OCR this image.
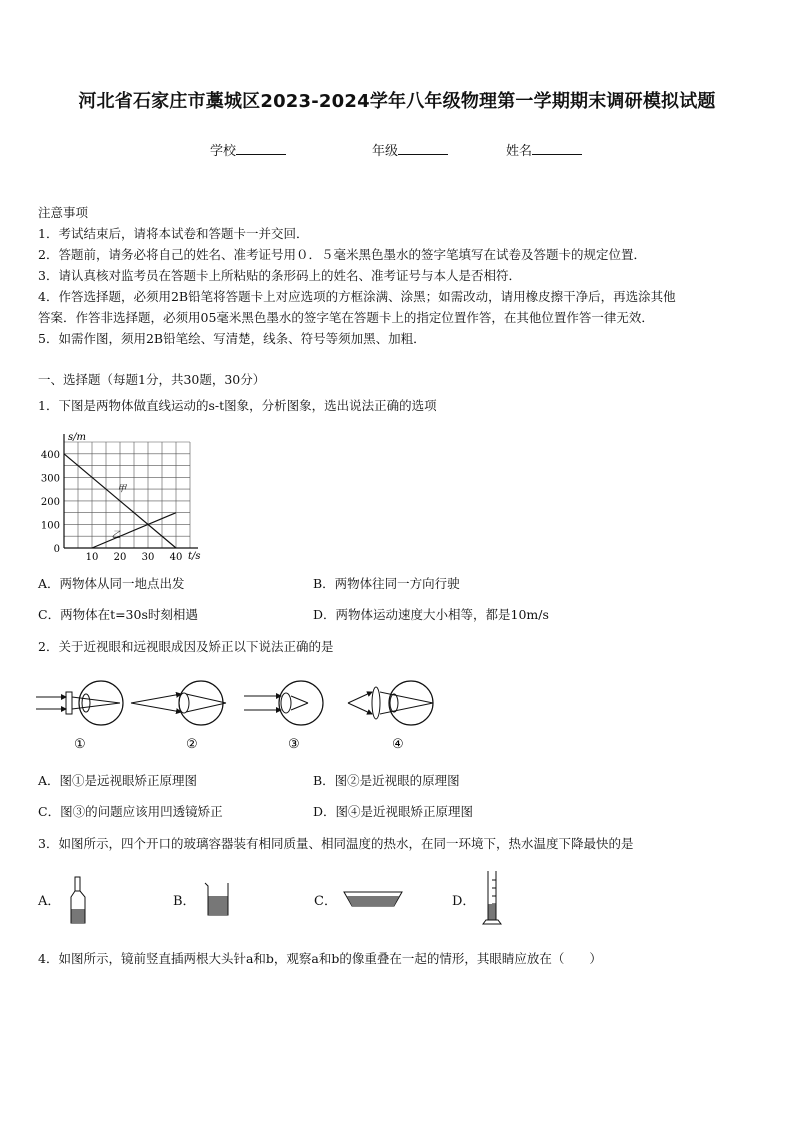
河北省石家庄市藁城区2023-2024学年八年级物理第一学期期末调研模拟试题
学校	年级	姓名
注意事项
1．考试结束后，请将本试卷和答题卡一并交回．
2．答题前，请务必将自己的姓名、准考证号用０．５毫米黑色墨水的签字笔填写在试卷及答题卡的规定位置．
3．请认真核对监考员在答题卡上所粘贴的条形码上的姓名、准考证号与本人是否相符．
4．作答选择题，必须用2B铅笔将答题卡上对应选项的方框涂满、涂黑；如需改动，请用橡皮擦干净后，再选涂其他
答案．作答非选择题，必须用05毫米黑色墨水的签字笔在答题卡上的指定位置作答，在其他位置作答一律无效．
5．如需作图，须用2B铅笔绘、写清楚，线条、符号等须加黑、加粗．
一、选择题（每题1分，共30题，30分）
1．下图是两物体做直线运动的s-t图象，分析图象，选出说法正确的选项
s/m
t/s
10 20 30 40
400
300
200
100
0
甲
乙
A．两物体从同一地点出发	B．两物体往同一方向行驶
C．两物体在t=30s时刻相遇	D．两物体运动速度大小相等，都是10m/s
2．关于近视眼和远视眼成因及矫正以下说法正确的是
①	②	③	④
A．图①是远视眼矫正原理图	B．图②是近视眼的原理图
C．图③的问题应该用凹透镜矫正	D．图④是近视眼矫正原理图
3．如图所示，四个开口的玻璃容器装有相同质量、相同温度的热水，在同一环境下，热水温度下降最快的是
A．	B．	C．	D．
4．如图所示，镜前竖直插两根大头针a和b，观察a和b的像重叠在一起的情形，其眼睛应放在（　　）
